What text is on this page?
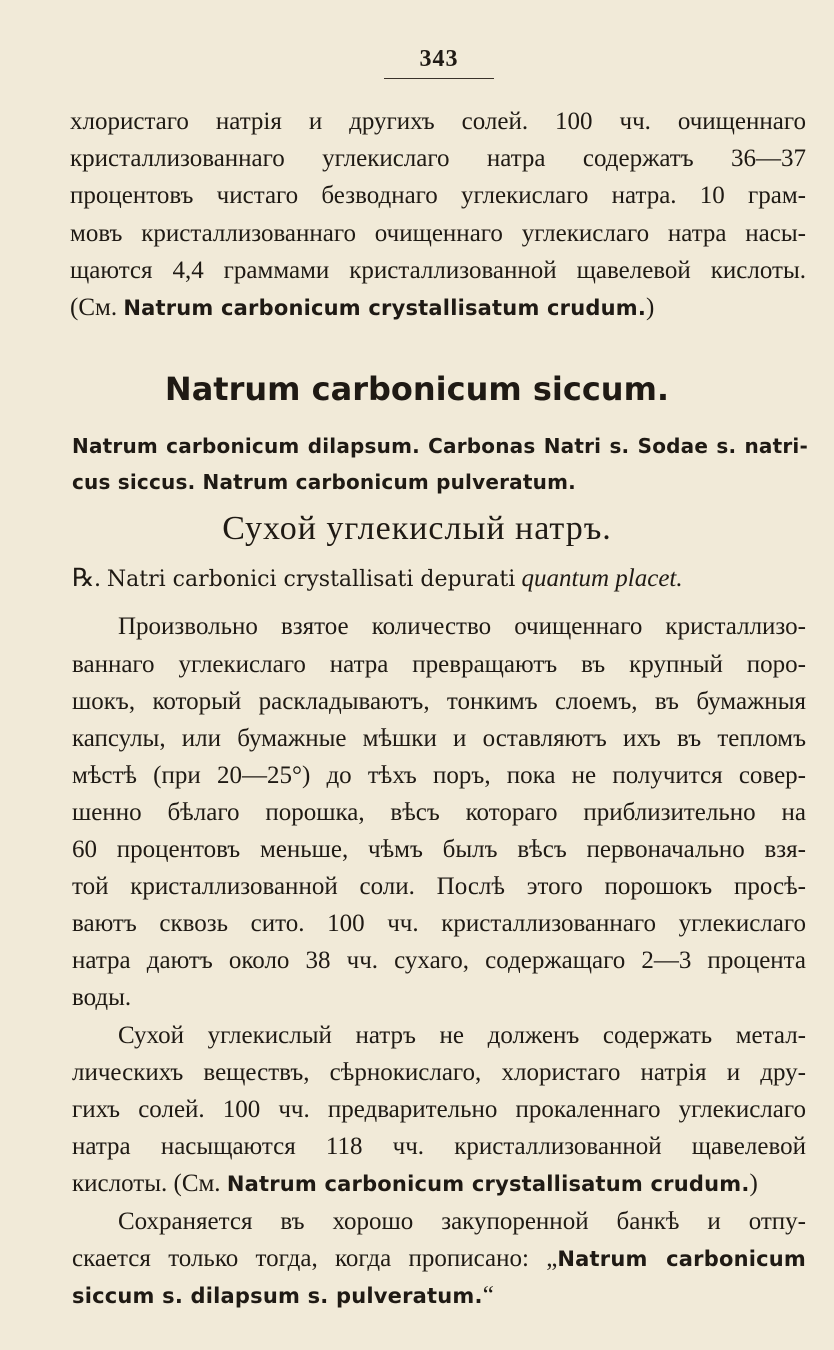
343
хлористаго натрія и другихъ солей. 100 чч. очищеннаго
кристаллизованнаго углекислаго натра содержатъ 36—37
процентовъ чистаго безводнаго углекислаго натра. 10 грам-
мовъ кристаллизованнаго очищеннаго углекислаго натра насы-
щаются 4,4 граммами кристаллизованной щавелевой кислоты.
(См. Natrum carbonicum crystallisatum crudum.)
Natrum carbonicum siccum.
Natrum carbonicum dilapsum. Carbonas Natri s. Sodae s. natri-
cus siccus. Natrum carbonicum pulveratum.
Сухой углекислый натръ.
℞. Natri carbonici crystallisati depurati quantum placet.
Произвольно взятое количество очищеннаго кристаллизо-
ваннаго углекислаго натра превращаютъ въ крупный поро-
шокъ, который раскладываютъ, тонкимъ слоемъ, въ бумажныя
капсулы, или бумажные мѣшки и оставляютъ ихъ въ тепломъ
мѣстѣ (при 20—25°) до тѣхъ поръ, пока не получится совер-
шенно бѣлаго порошка, вѣсъ котораго приблизительно на
60 процентовъ меньше, чѣмъ былъ вѣсъ первоначально взя-
той кристаллизованной соли. Послѣ этого порошокъ просѣ-
ваютъ сквозь сито. 100 чч. кристаллизованнаго углекислаго
натра даютъ около 38 чч. сухаго, содержащаго 2—3 процента
воды.
Сухой углекислый натръ не долженъ содержать метал-
лическихъ веществъ, сѣрнокислаго, хлористаго натрія и дру-
гихъ солей. 100 чч. предварительно прокаленнаго углекислаго
натра насыщаются 118 чч. кристаллизованной щавелевой
кислоты. (См. Natrum carbonicum crystallisatum crudum.)
Сохраняется въ хорошо закупоренной банкѣ и отпу-
скается только тогда, когда прописано: „Natrum carbonicum
siccum s. dilapsum s. pulveratum.“
